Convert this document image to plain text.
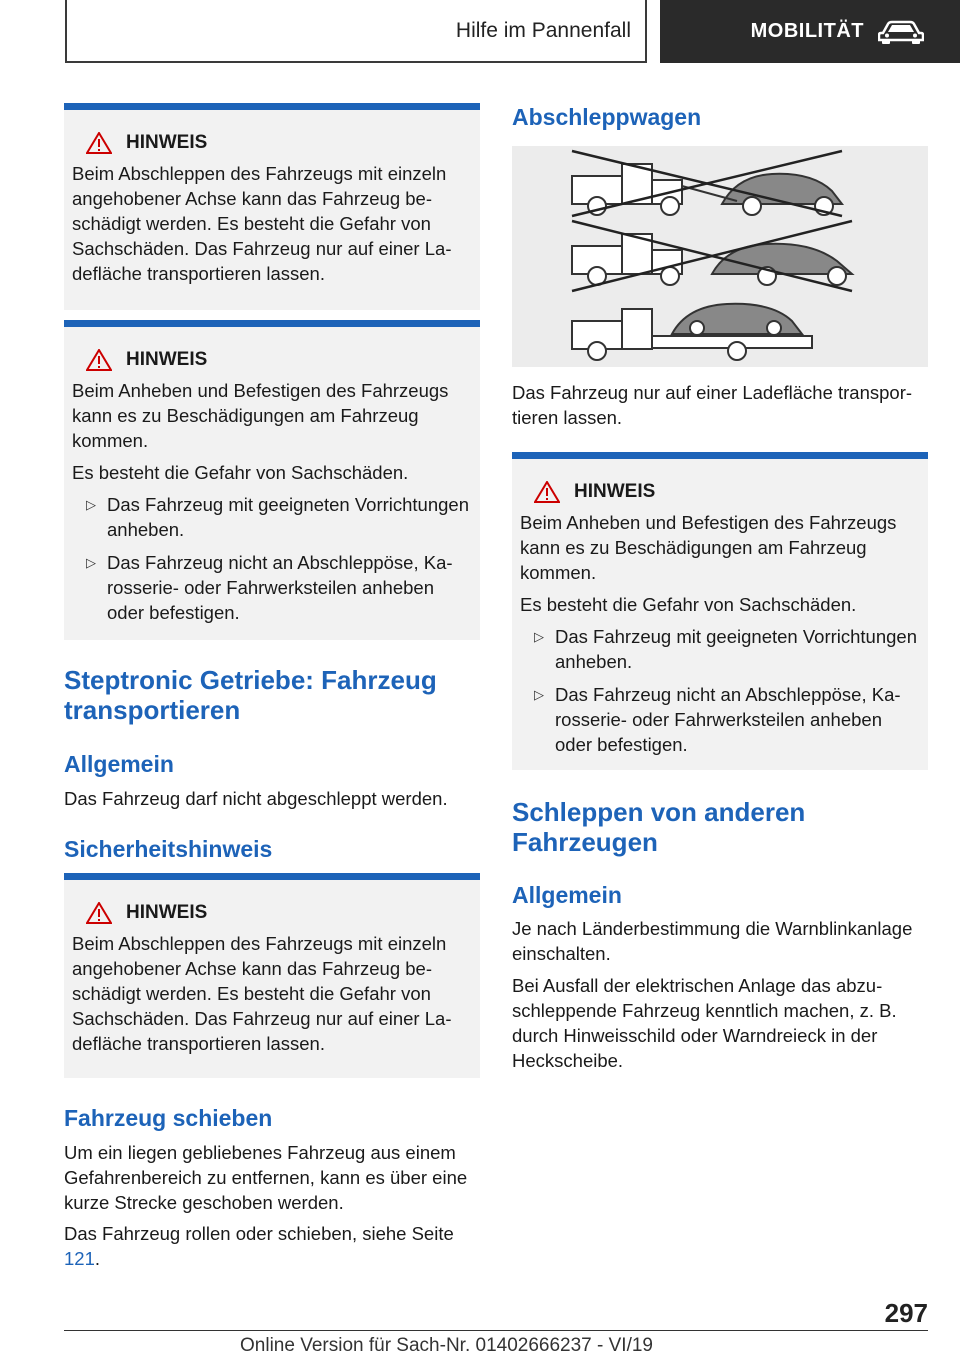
Hilfe im Pannenfall	MOBILITÄT
HINWEIS

Beim Abschleppen des Fahrzeugs mit einzeln angehobener Achse kann das Fahrzeug beschädigt werden. Es besteht die Gefahr von Sachschäden. Das Fahrzeug nur auf einer Ladefläche transportieren lassen.

HINWEIS

Beim Anheben und Befestigen des Fahrzeugs kann es zu Beschädigungen am Fahrzeug kommen.

Es besteht die Gefahr von Sachschäden.

▷ Das Fahrzeug mit geeigneten Vorrichtungen anheben.
▷ Das Fahrzeug nicht an Abschleppöse, Karosserie- oder Fahrwerksteilen anheben oder befestigen.
Steptronic Getriebe: Fahrzeug transportieren
Allgemein

Das Fahrzeug darf nicht abgeschleppt werden.

Sicherheitshinweis
HINWEIS

Beim Abschleppen des Fahrzeugs mit einzeln angehobener Achse kann das Fahrzeug beschädigt werden. Es besteht die Gefahr von Sachschäden. Das Fahrzeug nur auf einer Ladefläche transportieren lassen.

Fahrzeug schieben

Um ein liegen gebliebenes Fahrzeug aus einem Gefahrenbereich zu entfernen, kann es über eine kurze Strecke geschoben werden.

Das Fahrzeug rollen oder schieben, siehe Seite 121.

Abschleppwagen

Das Fahrzeug nur auf einer Ladefläche transportieren lassen.

HINWEIS

Beim Anheben und Befestigen des Fahrzeugs kann es zu Beschädigungen am Fahrzeug kommen.

Es besteht die Gefahr von Sachschäden.

▷ Das Fahrzeug mit geeigneten Vorrichtungen anheben.
▷ Das Fahrzeug nicht an Abschleppöse, Karosserie- oder Fahrwerksteilen anheben oder befestigen.
Schleppen von anderen Fahrzeugen
Allgemein

Je nach Länderbestimmung die Warnblinkanlage einschalten.

Bei Ausfall der elektrischen Anlage das abzuschleppende Fahrzeug kenntlich machen, z. B. durch Hinweisschild oder Warndreieck in der Heckscheibe.

297
Online Version für Sach-Nr. 01402666237 - VI/19
